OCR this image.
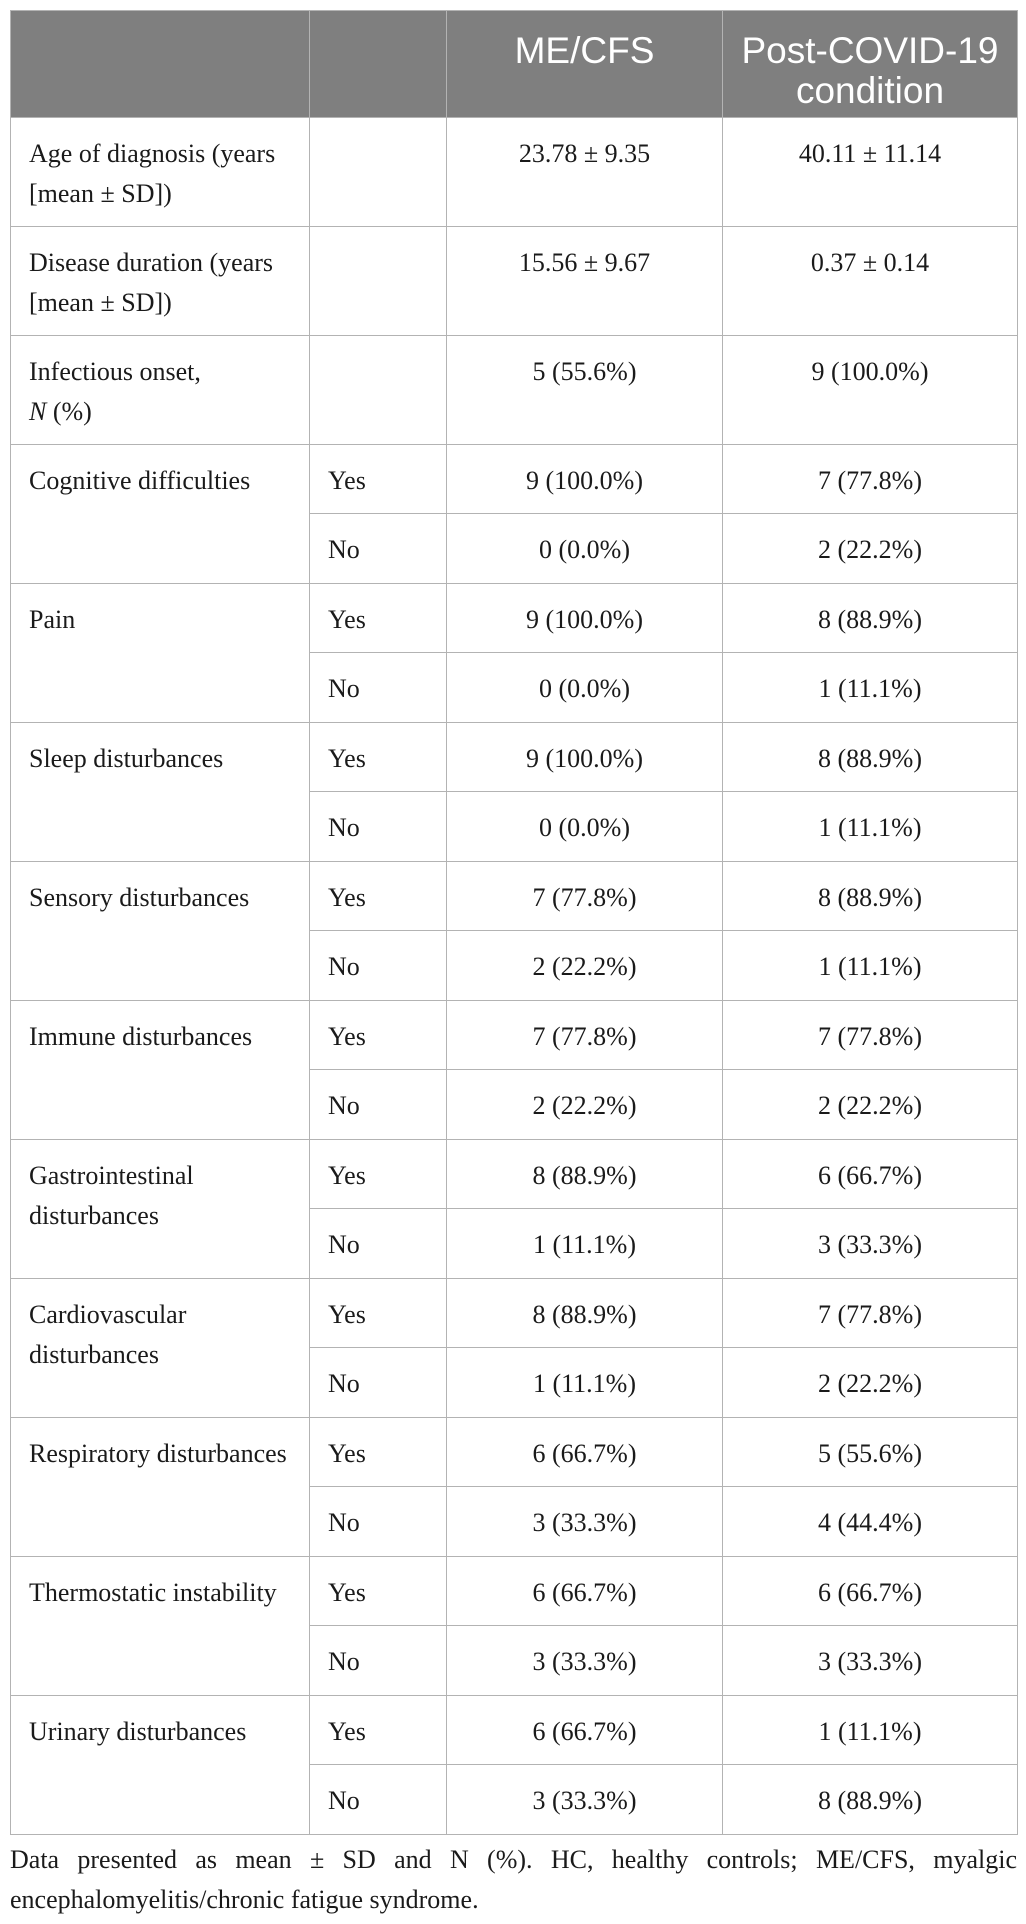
		ME/CFS	Post-COVID-19 condition
Age of diagnosis (years [mean ± SD])		23.78 ± 9.35	40.11 ± 11.14
Disease duration (years [mean ± SD])		15.56 ± 9.67	0.37 ± 0.14
Infectious onset,
N (%)		5 (55.6%)	9 (100.0%)
Cognitive difficulties	Yes	9 (100.0%)	7 (77.8%)
	No	0 (0.0%)	2 (22.2%)
Pain	Yes	9 (100.0%)	8 (88.9%)
	No	0 (0.0%)	1 (11.1%)
Sleep disturbances	Yes	9 (100.0%)	8 (88.9%)
	No	0 (0.0%)	1 (11.1%)
Sensory disturbances	Yes	7 (77.8%)	8 (88.9%)
	No	2 (22.2%)	1 (11.1%)
Immune disturbances	Yes	7 (77.8%)	7 (77.8%)
	No	2 (22.2%)	2 (22.2%)
Gastrointestinal disturbances	Yes	8 (88.9%)	6 (66.7%)
	No	1 (11.1%)	3 (33.3%)
Cardiovascular disturbances	Yes	8 (88.9%)	7 (77.8%)
	No	1 (11.1%)	2 (22.2%)
Respiratory disturbances	Yes	6 (66.7%)	5 (55.6%)
	No	3 (33.3%)	4 (44.4%)
Thermostatic instability	Yes	6 (66.7%)	6 (66.7%)
	No	3 (33.3%)	3 (33.3%)
Urinary disturbances	Yes	6 (66.7%)	1 (11.1%)
	No	3 (33.3%)	8 (88.9%)
Data presented as mean ± SD and N (%). HC, healthy controls; ME/CFS, myalgic encephalomyelitis/chronic fatigue syndrome.
